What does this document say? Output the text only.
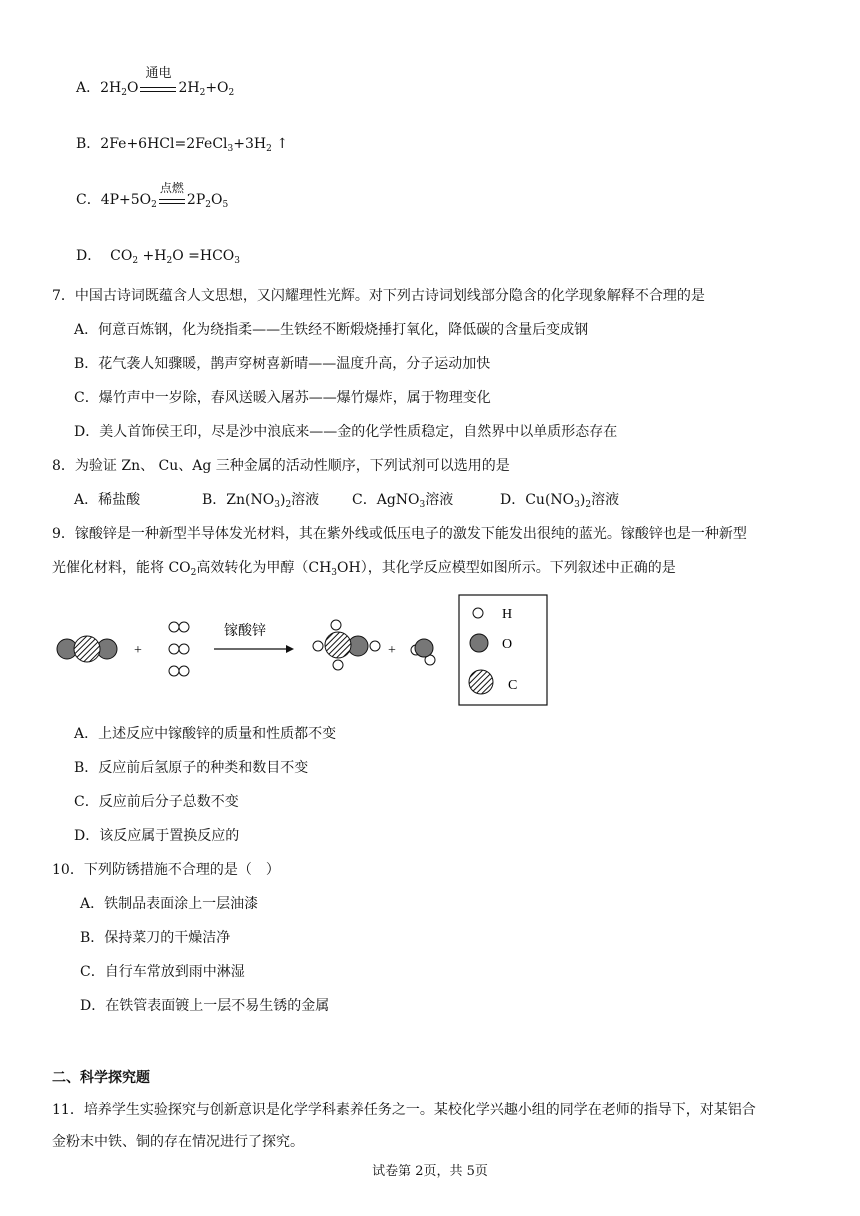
A．$2H_2O$
通电
$2H_2+O_2$
B．$2Fe+6HCl=2FeCl_3+3H_2$ ↑
C．$4P+5O_2$
点燃
$2P_2O_5$
D． $CO_2 +H_2O =HCO_3$
7．中国古诗词既蕴含人文思想，又闪耀理性光辉。对下列古诗词划线部分隐含的化学现象解释不合理的是
A．何意百炼钢，化为绕指柔——生铁经不断煅烧捶打氧化，降低碳的含量后变成钢
B．花气袭人知骤暖，鹊声穿树喜新晴——温度升高，分子运动加快
C．爆竹声中一岁除，春风送暖入屠苏——爆竹爆炸，属于物理变化
D．美人首饰侯王印，尽是沙中浪底来——金的化学性质稳定，自然界中以单质形态存在
8．为验证 Zn、 Cu、Ag 三种金属的活动性顺序，下列试剂可以选用的是
A．稀盐酸	B．$Zn(NO_3)_2$溶液 C．AgNO$_3$溶液	D．$Cu(NO_3)_2$溶液
9．镓酸锌是一种新型半导体发光材料，其在紫外线或低压电子的激发下能发出很纯的蓝光。镓酸锌也是一种新型
光催化材料，能将 $CO_2$高效转化为甲醇$(CH_3OH)$，其化学反应模型如图所示。下列叙述中正确的是
+
镓酸锌
+
H
O
C
A．上述反应中镓酸锌的质量和性质都不变
B．反应前后氢原子的种类和数目不变
C．反应前后分子总数不变
D．该反应属于置换反应的
10．下列防锈措施不合理的是（　）
A．铁制品表面涂上一层油漆
B．保持菜刀的干燥洁净
C．自行车常放到雨中淋湿
D．在铁管表面镀上一层不易生锈的金属
二、科学探究题
11．培养学生实验探究与创新意识是化学学科素养任务之一。某校化学兴趣小组的同学在老师的指导下，对某铝合
金粉末中铁、铜的存在情况进行了探究。
试卷第 2页，共 5页
